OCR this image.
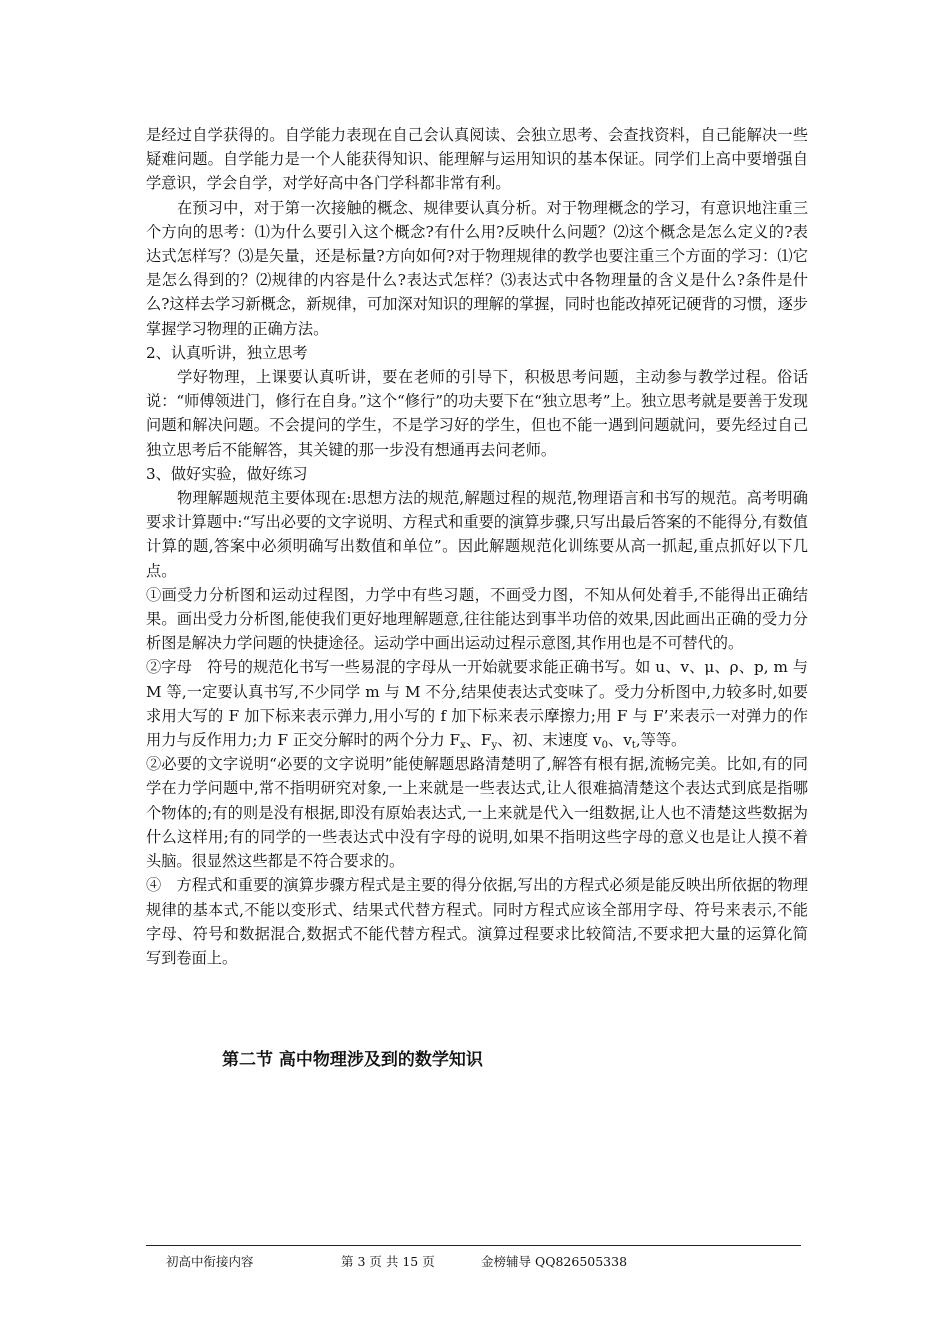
是经过自学获得的。自学能力表现在自己会认真阅读、会独立思考、会查找资料，自己能解决一些疑难问题。自学能力是一个人能获得知识、能理解与运用知识的基本保证。同学们上高中要增强自学意识，学会自学，对学好高中各门学科都非常有利。

在预习中，对于第一次接触的概念、规律要认真分析。对于物理概念的学习，有意识地注重三个方向的思考：⑴为什么要引入这个概念?有什么用?反映什么问题？⑵这个概念是怎么定义的?表达式怎样写？⑶是矢量，还是标量?方向如何?对于物理规律的教学也要注重三个方面的学习：⑴它是怎么得到的？⑵规律的内容是什么?表达式怎样？⑶表达式中各物理量的含义是什么?条件是什么?这样去学习新概念，新规律，可加深对知识的理解的掌握，同时也能改掉死记硬背的习惯，逐步掌握学习物理的正确方法。

2、认真听讲，独立思考

学好物理，上课要认真听讲，要在老师的引导下，积极思考问题，主动参与教学过程。俗话说：“师傅领进门，修行在自身。”这个“修行”的功夫要下在“独立思考”上。独立思考就是要善于发现问题和解决问题。不会提问的学生，不是学习好的学生，但也不能一遇到问题就问，要先经过自己独立思考后不能解答，其关键的那一步没有想通再去问老师。

3、做好实验，做好练习

物理解题规范主要体现在:思想方法的规范,解题过程的规范,物理语言和书写的规范。高考明确要求计算题中:“写出必要的文字说明、方程式和重要的演算步骤,只写出最后答案的不能得分,有数值计算的题,答案中必须明确写出数值和单位”。因此解题规范化训练要从高一抓起,重点抓好以下几点。

①画受力分析图和运动过程图，力学中有些习题，不画受力图，不知从何处着手,不能得出正确结果。画出受力分析图,能使我们更好地理解题意,往往能达到事半功倍的效果,因此画出正确的受力分析图是解决力学问题的快捷途径。运动学中画出运动过程示意图,其作用也是不可替代的。

②字母　符号的规范化书写一些易混的字母从一开始就要求能正确书写。如 u、v、μ、ρ、p, m 与 M 等,一定要认真书写,不少同学 m 与 M 不分,结果使表达式变味了。受力分析图中,力较多时,如要求用大写的 F 加下标来表示弹力,用小写的 f 加下标来表示摩擦力;用 F 与 F’来表示一对弹力的作用力与反作用力;力 F 正交分解时的两个分力 $F_x$、$F_y$、初、末速度 $v_0$、$v_t$,等等。

②必要的文字说明“必要的文字说明”能使解题思路清楚明了,解答有根有据,流畅完美。比如,有的同学在力学问题中,常不指明研究对象,一上来就是一些表达式,让人很难搞清楚这个表达式到底是指哪个物体的;有的则是没有根据,即没有原始表达式,一上来就是代入一组数据,让人也不清楚这些数据为什么这样用;有的同学的一些表达式中没有字母的说明,如果不指明这些字母的意义也是让人摸不着头脑。很显然这些都是不符合要求的。

④　方程式和重要的演算步骤方程式是主要的得分依据,写出的方程式必须是能反映出所依据的物理规律的基本式,不能以变形式、结果式代替方程式。同时方程式应该全部用字母、符号来表示,不能字母、符号和数据混合,数据式不能代替方程式。演算过程要求比较简洁,不要求把大量的运算化简写到卷面上。

第二节 高中物理涉及到的数学知识
初高中衔接内容	第 3 页 共 15 页	金榜辅导 QQ826505338
